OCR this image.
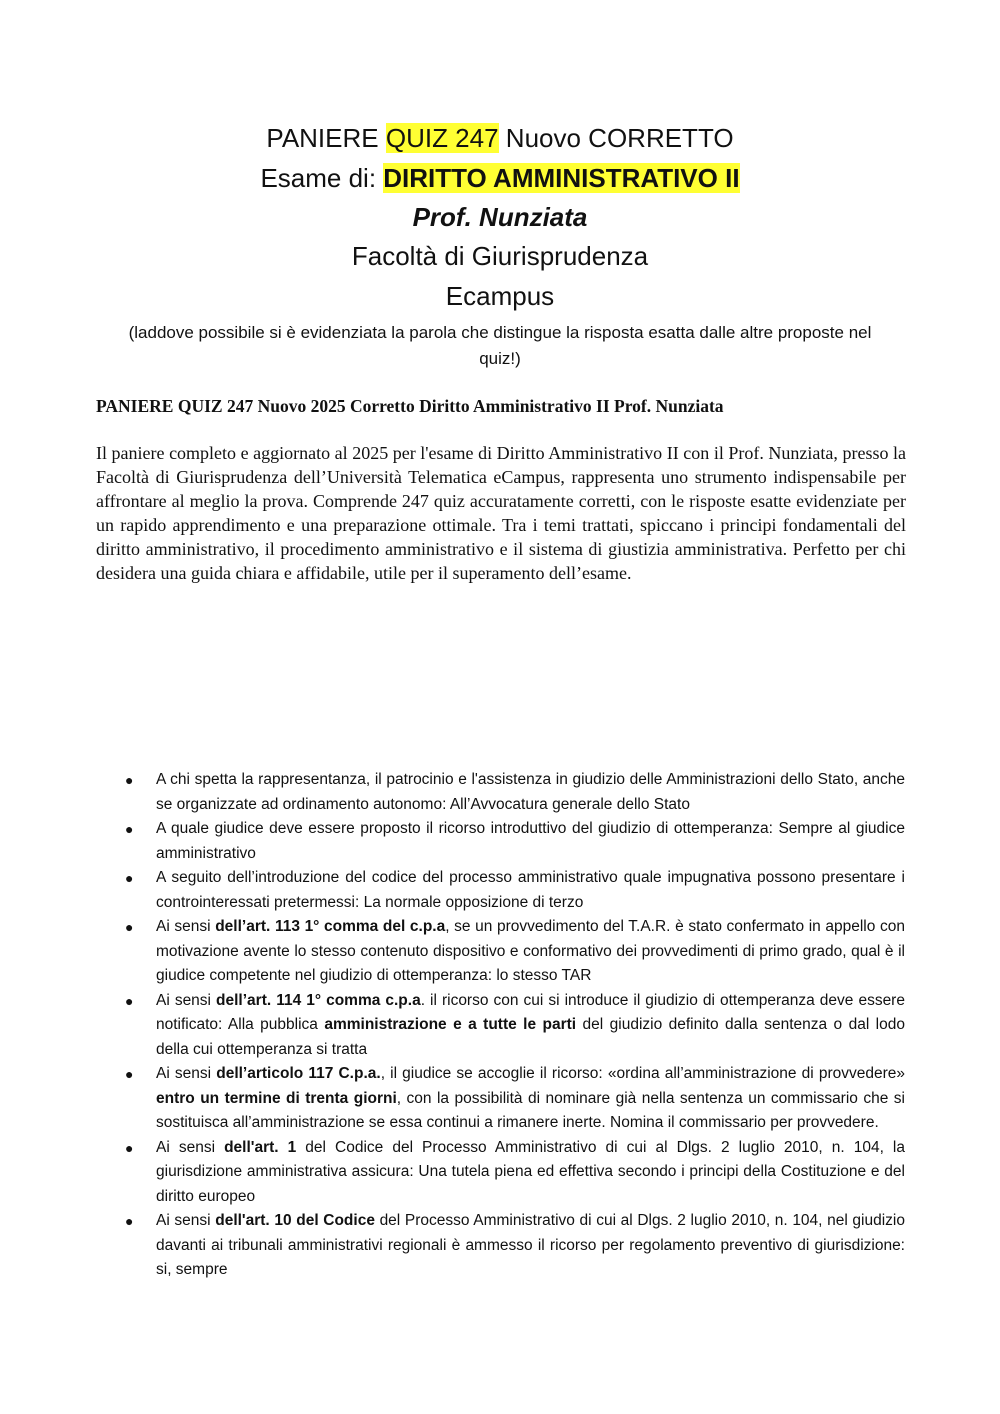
PANIERE QUIZ 247 Nuovo CORRETTO
Esame di: DIRITTO AMMINISTRATIVO II
Prof. Nunziata
Facoltà di Giurisprudenza
Ecampus
(laddove possibile si è evidenziata la parola che distingue la risposta esatta dalle altre proposte nel quiz!)
PANIERE QUIZ 247 Nuovo 2025 Corretto Diritto Amministrativo II Prof. Nunziata
Il paniere completo e aggiornato al 2025 per l'esame di Diritto Amministrativo II con il Prof. Nunziata, presso la Facoltà di Giurisprudenza dell’Università Telematica eCampus, rappresenta uno strumento indispensabile per affrontare al meglio la prova. Comprende 247 quiz accuratamente corretti, con le risposte esatte evidenziate per un rapido apprendimento e una preparazione ottimale. Tra i temi trattati, spiccano i principi fondamentali del diritto amministrativo, il procedimento amministrativo e il sistema di giustizia amministrativa. Perfetto per chi desidera una guida chiara e affidabile, utile per il superamento dell’esame.
● A chi spetta la rappresentanza, il patrocinio e l'assistenza in giudizio delle Amministrazioni dello Stato, anche se organizzate ad ordinamento autonomo: All’Avvocatura generale dello Stato
● A quale giudice deve essere proposto il ricorso introduttivo del giudizio di ottemperanza: Sempre al giudice amministrativo
● A seguito dell’introduzione del codice del processo amministrativo quale impugnativa possono presentare i controinteressati pretermessi: La normale opposizione di terzo
● Ai sensi dell’art. 113 1° comma del c.p.a, se un provvedimento del T.A.R. è stato confermato in appello con motivazione avente lo stesso contenuto dispositivo e conformativo dei provvedimenti di primo grado, qual è il giudice competente nel giudizio di ottemperanza: lo stesso TAR
● Ai sensi dell’art. 114 1° comma c.p.a. il ricorso con cui si introduce il giudizio di ottemperanza deve essere notificato: Alla pubblica amministrazione e a tutte le parti del giudizio definito dalla sentenza o dal lodo della cui ottemperanza si tratta
● Ai sensi dell’articolo 117 C.p.a., il giudice se accoglie il ricorso: «ordina all’amministrazione di provvedere» entro un termine di trenta giorni, con la possibilità di nominare già nella sentenza un commissario che si sostituisca all’amministrazione se essa continui a rimanere inerte. Nomina il commissario per provvedere.
● Ai sensi dell'art. 1 del Codice del Processo Amministrativo di cui al Dlgs. 2 luglio 2010, n. 104, la giurisdizione amministrativa assicura: Una tutela piena ed effettiva secondo i principi della Costituzione e del diritto europeo
● Ai sensi dell'art. 10 del Codice del Processo Amministrativo di cui al Dlgs. 2 luglio 2010, n. 104, nel giudizio davanti ai tribunali amministrativi regionali è ammesso il ricorso per regolamento preventivo di giurisdizione: si, sempre
